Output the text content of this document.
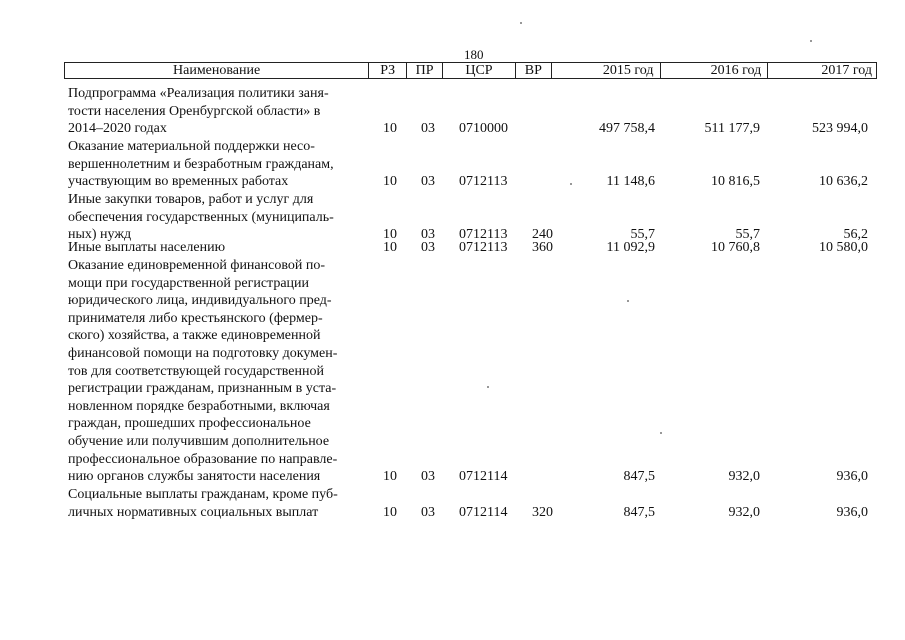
180
Наименование	РЗ	ПР	ЦСР	ВР	2015 год	2016 год	2017 год
Подпрограмма «Реализация политики заня-
тости населения Оренбургской области» в
2014–2020 годах	10 03 0710000	497 758,4	511 177,9	523 994,0
Оказание материальной поддержки несо-
вершеннолетним и безработным гражданам,
участвующим во временных работах	10 03 0712113	11 148,6	10 816,5	10 636,2
Иные закупки товаров, работ и услуг для
обеспечения государственных (муниципаль-
ных) нужд	10 03 0712113 240	55,7	55,7	56,2
Иные выплаты населению	10 03 0712113 360	11 092,9	10 760,8	10 580,0
Оказание единовременной финансовой по-
мощи при государственной регистрации
юридического лица, индивидуального пред-
принимателя либо крестьянского (фермер-
ского) хозяйства, а также единовременной
финансовой помощи на подготовку докумен-
тов для соответствующей государственной
регистрации гражданам, признанным в уста-
новленном порядке безработными, включая
граждан, прошедших профессиональное
обучение или получившим дополнительное
профессиональное образование по направле-
нию органов службы занятости населения	10 03 0712114	847,5	932,0	936,0
Социальные выплаты гражданам, кроме пуб-
личных нормативных социальных выплат	10 03 0712114 320	847,5	932,0	936,0
